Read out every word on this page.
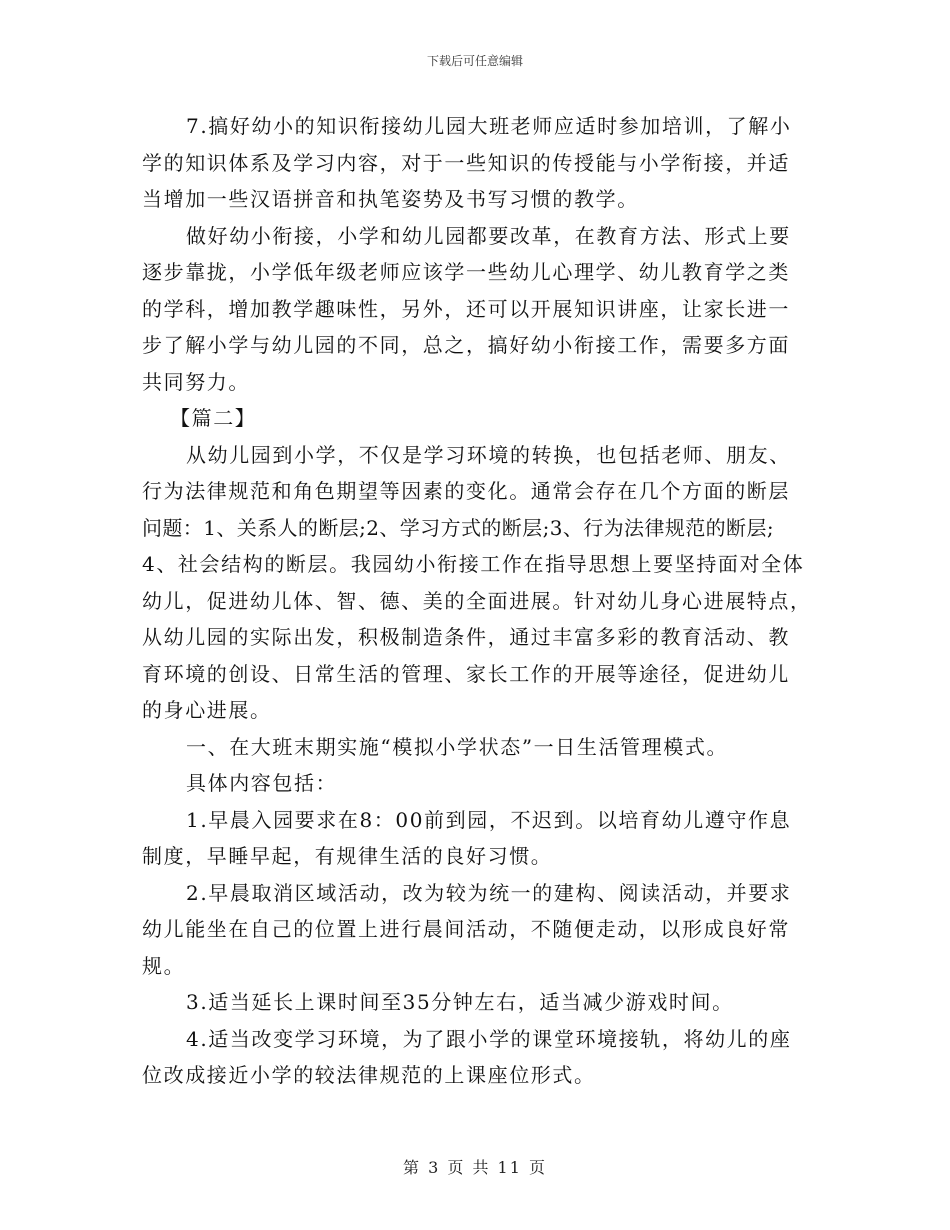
下载后可任意编辑
7.搞好幼小的知识衔接幼儿园大班老师应适时参加培训，了解小
学的知识体系及学习内容，对于一些知识的传授能与小学衔接，并适
当增加一些汉语拼音和执笔姿势及书写习惯的教学。
做好幼小衔接，小学和幼儿园都要改革，在教育方法、形式上要
逐步靠拢，小学低年级老师应该学一些幼儿心理学、幼儿教育学之类
的学科，增加教学趣味性，另外，还可以开展知识讲座，让家长进一
步了解小学与幼儿园的不同，总之，搞好幼小衔接工作，需要多方面
共同努力。
【篇二】
从幼儿园到小学，不仅是学习环境的转换，也包括老师、朋友、
行为法律规范和角色期望等因素的变化。通常会存在几个方面的断层
问题：1、关系人的断层;2、学习方式的断层;3、行为法律规范的断层;
4、社会结构的断层。我园幼小衔接工作在指导思想上要坚持面对全体
幼儿，促进幼儿体、智、德、美的全面进展。针对幼儿身心进展特点，
从幼儿园的实际出发，积极制造条件，通过丰富多彩的教育活动、教
育环境的创设、日常生活的管理、家长工作的开展等途径，促进幼儿
的身心进展。
一、在大班末期实施“模拟小学状态”一日生活管理模式。
具体内容包括：
1.早晨入园要求在8：00前到园，不迟到。以培育幼儿遵守作息
制度，早睡早起，有规律生活的良好习惯。
2.早晨取消区域活动，改为较为统一的建构、阅读活动，并要求
幼儿能坐在自己的位置上进行晨间活动，不随便走动，以形成良好常
规。
3.适当延长上课时间至35分钟左右，适当减少游戏时间。
4.适当改变学习环境，为了跟小学的课堂环境接轨，将幼儿的座
位改成接近小学的较法律规范的上课座位形式。
第 3 页 共 11 页
